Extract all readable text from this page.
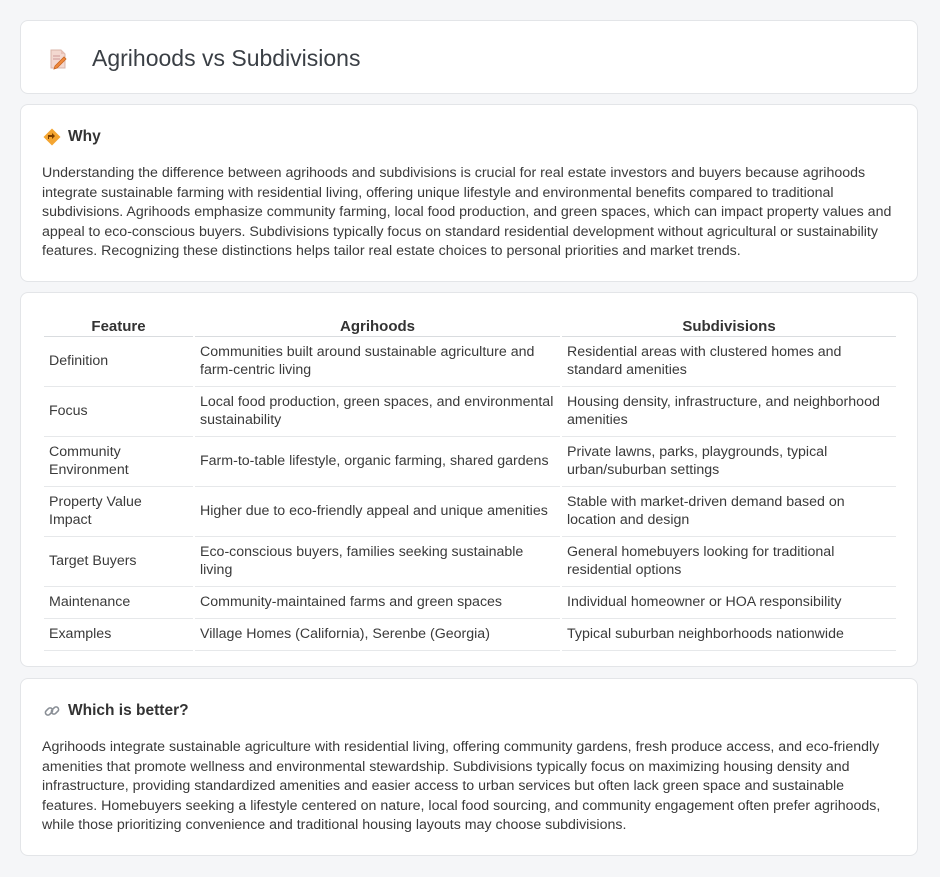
Agrihoods vs Subdivisions
Why

Understanding the difference between agrihoods and subdivisions is crucial for real estate investors and buyers because agrihoods integrate sustainable farming with residential living, offering unique lifestyle and environmental benefits compared to traditional subdivisions. Agrihoods emphasize community farming, local food production, and green spaces, which can impact property values and appeal to eco-conscious buyers. Subdivisions typically focus on standard residential development without agricultural or sustainability features. Recognizing these distinctions helps tailor real estate choices to personal priorities and market trends.

Feature	Agrihoods	Subdivisions
Definition	Communities built around sustainable agriculture and farm-centric living	Residential areas with clustered homes and standard amenities
Focus	Local food production, green spaces, and environmental sustainability	Housing density, infrastructure, and neighborhood amenities
Community Environment	Farm-to-table lifestyle, organic farming, shared gardens	Private lawns, parks, playgrounds, typical urban/suburban settings
Property Value Impact	Higher due to eco-friendly appeal and unique amenities	Stable with market-driven demand based on location and design
Target Buyers	Eco-conscious buyers, families seeking sustainable living	General homebuyers looking for traditional residential options
Maintenance	Community-maintained farms and green spaces	Individual homeowner or HOA responsibility
Examples	Village Homes (California), Serenbe (Georgia)	Typical suburban neighborhoods nationwide
Which is better?

Agrihoods integrate sustainable agriculture with residential living, offering community gardens, fresh produce access, and eco-friendly amenities that promote wellness and environmental stewardship. Subdivisions typically focus on maximizing housing density and infrastructure, providing standardized amenities and easier access to urban services but often lack green space and sustainable features. Homebuyers seeking a lifestyle centered on nature, local food sourcing, and community engagement often prefer agrihoods, while those prioritizing convenience and traditional housing layouts may choose subdivisions.
